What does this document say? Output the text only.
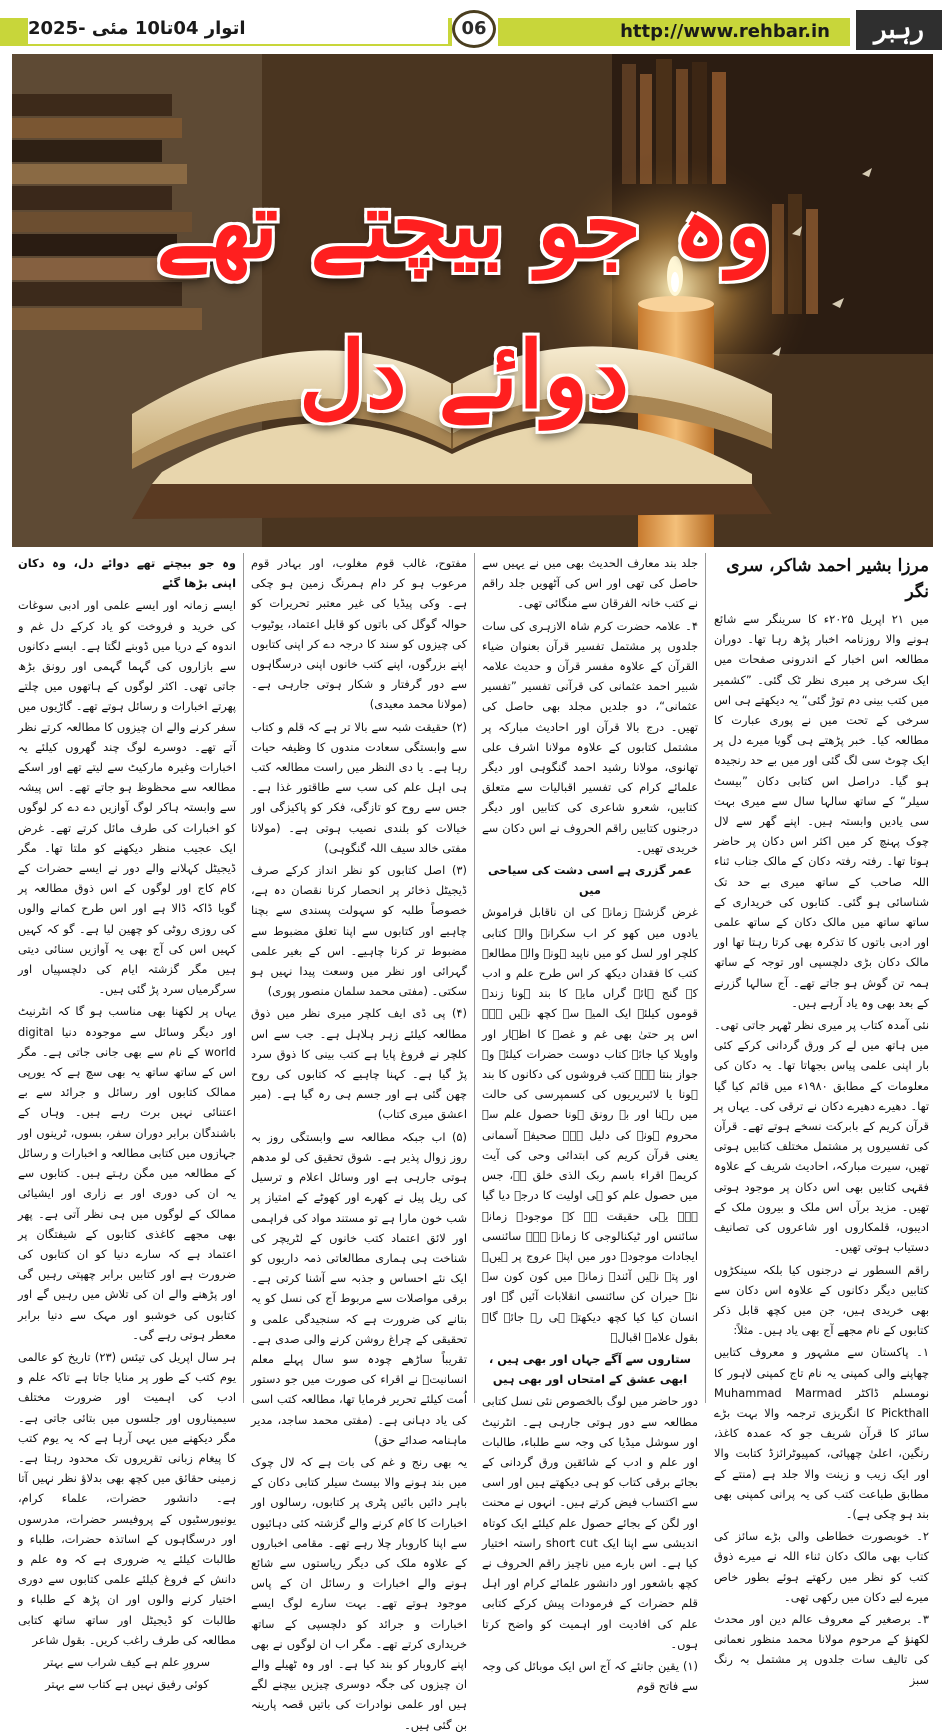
اتوار 04تا10 مئی -2025	06	http://www.rehbar.in	رہبر
وہ جو بیچتے تھے دوائے دل
مرزا بشیر احمد شاکر، سری نگر

میں ۲۱ اپریل ۲۰۲۵ء کا سرینگر سے شائع ہونے والا روزنامہ اخبار پڑھ رہا تھا۔ دوران مطالعہ اس اخبار کے اندرونی صفحات میں ایک سرخی پر میری نظر ٹک گئی۔ ”کشمیر میں کتب بینی دم توڑ گئی“ یہ دیکھتے ہی اس سرخی کے تحت میں نے پوری عبارت کا مطالعہ کیا۔ خبر پڑھتے ہی گویا میرے دل پر ایک چوٹ سی لگ گئی اور میں بے حد رنجیدہ ہو گیا۔ دراصل اس کتابی دکان ”بیسٹ سیلر“ کے ساتھ سالہا سال سے میری بہت سی یادیں وابستہ ہیں۔ اپنے گھر سے لال چوک پہنچ کر میں اکثر اس دکان پر حاضر ہوتا تھا۔ رفتہ رفتہ دکان کے مالک جناب ثناء اللہ صاحب کے ساتھ میری بے حد تک شناسائی ہو گئی۔ کتابوں کی خریداری کے ساتھ ساتھ میں مالک دکان کے ساتھ علمی اور ادبی باتوں کا تذکرہ بھی کرتا رہتا تھا اور مالک دکان بڑی دلچسپی اور توجہ کے ساتھ ہمہ تن گوش ہو جاتے تھے۔ آج سالہا گزرنے کے بعد بھی وہ یاد آرہے ہیں۔

نئی آمدہ کتاب پر میری نظر ٹھہر جاتی تھی۔ میں ہاتھ میں لے کر ورق گردانی کرکے کئی بار اپنی علمی پیاس بجھاتا تھا۔ یہ دکان کی معلومات کے مطابق ۱۹۸۰ء میں قائم کیا گیا تھا۔ دھیرے دھیرے دکان نے ترقی کی۔ یہاں پر قرآن کریم کے بابرکت نسخے ہوتے تھے۔ قرآن کی تفسیروں پر مشتمل مختلف کتابیں ہوتی تھیں، سیرت مبارکہ، احادیث شریف کے علاوہ فقہی کتابیں بھی اس دکان پر موجود ہوتی تھیں۔ مزید برآں اس ملک و بیرون ملک کے ادیبوں، قلمکاروں اور شاعروں کی تصانیف دستیاب ہوتی تھیں۔

راقم السطور نے درجنوں کیا بلکہ سینکڑوں کتابیں دیگر دکانوں کے علاوہ اس دکان سے بھی خریدی ہیں، جن میں کچھ قابل ذکر کتابوں کے نام مجھے آج بھی یاد ہیں۔ مثلاً:

۱۔ پاکستان سے مشہور و معروف کتابیں چھاپنے والی کمپنی یہ نام تاج کمپنی لاہور کا نومسلم ڈاکٹر Muhammad Marmad Pickthall کا انگریزی ترجمہ والا بہت بڑے سائز کا قرآن شریف جو کہ عمدہ کاغذ، رنگین، اعلیٰ چھپائی، کمپیوٹرائزڈ کتابت والا اور ایک زیب و زینت والا جلد ہے (منتے کے مطابق طباعت کتب کی یہ پرانی کمپنی بھی بند ہو چکی ہے)۔

۲۔ خوبصورت خطاطی والی بڑے سائز کی کتاب بھی مالک دکان ثناء اللہ نے میرے ذوق کتب کو نظر میں رکھتے ہوئے بطور خاص میرے لیے دکان میں رکھی تھی۔

۳۔ برصغیر کے معروف عالم دین اور محدث لکھنؤ کے مرحوم مولانا محمد منظور نعمانی کی تالیف سات جلدوں پر مشتمل بہ رنگ سبز

جلد بند معارف الحدیث بھی میں نے یہیں سے حاصل کی تھی اور اس کی آٹھویں جلد راقم نے کتب خانہ الفرقان سے منگائی تھی۔

۴۔ علامہ حضرت کرم شاہ الازہری کی سات جلدوں پر مشتمل تفسیر قرآن بعنوان ضیاء القرآن کے علاوہ مفسر قرآن و حدیث علامہ شبیر احمد عثمانی کی قرآنی تفسیر ”تفسیر عثمانی“، دو جلدیں مجلد بھی حاصل کی تھیں۔ درج بالا قرآن اور احادیث مبارکہ پر مشتمل کتابوں کے علاوہ مولانا اشرف علی تھانوی، مولانا رشید احمد گنگوہی اور دیگر علمائے کرام کی تفسیر اقبالیات سے متعلق کتابیں، شعرو شاعری کی کتابیں اور دیگر درجنوں کتابیں راقم الحروف نے اس دکان سے خریدی تھیں۔

عمر گزری ہے اسی دشت کی سیاحی میں

غرض گزشتہ زمانے کی ان ناقابل فراموش یادوں میں کھو کر اب سکرانے والے کتابی کلچر اور لسل کو میں ناپید ہونے والے مطالعہ کتب کا فقدان دیکھ کر اس طرح علم و ادب کے گنج ہائے گراں مایہ کا بند ہونا زندہ قوموں کیلئے ایک المیہ سے کچھ نہیں ہے۔ اس پر حتیٰ بھی غم و غصہ کا اظہار اور واویلا کیا جائے کتاب دوست حضرات کیلئے وہ جواز بنتا ہے۔ کتب فروشوں کی دکانوں کا بند ہونا یا لائبریریوں کی کسمپرسی کی حالت میں رہنا اور بے رونق ہونا حصول علم سے محروم ہونے کی دلیل ہے۔ صحیفۂ آسمانی یعنی قرآن کریم کی ابتدائی وحی کی آیت کریمہ اقراء باسم ربک الذی خلق ہے، جس میں حصول علم کو ہی اولیت کا درجہ دیا گیا ہے۔ یہی حقیقت ہے کہ موجودہ زمانہ سائنس اور ٹیکنالوجی کا زمانہ ہے۔ سائنسی ایجادات موجودہ دور میں اپنے عروج پر ہیں۔ اور پتہ نہیں آئندہ زمانے میں کون کون سے نئے حیران کن سائنسی انقلابات آئیں گے اور انسان کیا کیا کچھ دیکھتے ہی رہ جائے گا۔ بقول علامہ اقبالؒ

ستاروں سے آگے جہاں اور بھی ہیں ، ابھی عشق کے امتحاں اور بھی ہیں

دور حاضر میں لوگ بالخصوص نئی نسل کتابی مطالعہ سے دور ہوتی جارہی ہے۔ انٹرنیٹ اور سوشل میڈیا کی وجہ سے طلباء، طالبات اور علم و ادب کے شائقین ورق گردانی کے بجائے برقی کتاب کو ہی دیکھتے ہیں اور اسی سے اکتساب فیض کرتے ہیں۔ انہوں نے محنت اور لگن کے بجائے حصول علم کیلئے ایک کوتاہ اندیشی سے اپنا ایک short cut راستہ اختیار کیا ہے۔ اس بارے میں ناچیز راقم الحروف نے کچھ باشعور اور دانشور علمائے کرام اور اہل قلم حضرات کے فرمودات پیش کرکے کتابی علم کی افادیت اور اہمیت کو واضح کرتا ہوں۔

(۱) یقین جانئے کہ آج اس ایک موبائل کی وجہ سے فاتح قوم

مفتوح، غالب قوم مغلوب، اور بہادر قوم مرعوب ہو کر دام ہمرنگ زمین ہو چکی ہے۔ وکی پیڈیا کی غیر معتبر تحریرات کو حوالہ گوگل کی باتوں کو قابل اعتماد، یوٹیوب کی چیزوں کو سند کا درجہ دے کر اپنی کتابوں اپنے بزرگوں، اپنے کتب خانوں اپنی درسگاہوں سے دور گرفتار و شکار ہوتی جارہی ہے۔ (مولانا محمد معیدی)

(۲) حقیقت شبہ سے بالا تر ہے کہ قلم و کتاب سے وابستگی سعادت مندوں کا وظیفہ حیات رہا ہے۔ یا دی النظر میں راست مطالعہ کتب ہی اہل علم کی سب سے طاقتور غذا ہے۔ جس سے روح کو تازگی، فکر کو پاکیزگی اور خیالات کو بلندی نصیب ہوتی ہے۔ (مولانا مفتی خالد سیف اللہ گنگوہی)

(۳) اصل کتابوں کو نظر انداز کرکے صرف ڈیجیٹل ذخائر پر انحصار کرنا نقصان دہ ہے، خصوصاً طلبہ کو سہولت پسندی سے بچنا چاہیے اور کتابوں سے اپنا تعلق مضبوط سے مضبوط تر کرنا چاہیے۔ اس کے بغیر علمی گہرائی اور نظر میں وسعت پیدا نہیں ہو سکتی۔ (مفتی محمد سلمان منصور پوری)

(۴) پی ڈی ایف کلچر میری نظر میں ذوق مطالعہ کیلئے زہر ہلاہل ہے۔ جب سے اس کلچر نے فروغ پایا ہے کتب بینی کا ذوق سرد پڑ گیا ہے۔ کہنا چاہیے کہ کتابوں کی روح چھن گئی ہے اور جسم ہی رہ گیا ہے۔ (میر اعشق میری کتاب)

(۵) اب جبکہ مطالعہ سے وابستگی روز بہ روز زوال پذیر ہے۔ شوق تحقیق کی لو مدھم ہوتی جارہی ہے اور وسائل اعلام و ترسیل کی ریل پیل نے کھرے اور کھوٹے کے امتیاز پر شب خون مارا ہے تو مستند مواد کی فراہمی اور لائق اعتماد کتب خانوں کے لٹریچر کی شناخت ہی ہماری مطالعاتی ذمہ داریوں کو ایک نئے احساس و جذبہ سے آشنا کرتی ہے۔ برقی مواصلات سے مربوط آج کی نسل کو یہ بتانے کی ضرورت ہے کہ سنجیدگی علمی و تحقیقی کے چراغ روشن کرنے والی صدی ہے۔ تقریباً ساڑھے چودہ سو سال پہلے معلم انسانیتؐ نے اقراء کی صورت میں جو دستور اُمت کیلئے تحریر فرمایا تھا، مطالعہ کتب اسی کی یاد دہانی ہے۔ (مفتی محمد ساجد، مدیر ماہنامہ صدائے حق)

یہ بھی رنج و غم کی بات ہے کہ لال چوک میں بند ہونے والا بیسٹ سیلر کتابی دکان کے باہر دائیں بائیں پٹری پر کتابوں، رسالوں اور اخبارات کا کام کرنے والے گزشتہ کئی دہائیوں سے اپنا کاروبار چلا رہے تھے۔ مقامی اخباروں کے علاوہ ملک کی دیگر ریاستوں سے شائع ہونے والے اخبارات و رسائل ان کے پاس موجود ہوتے تھے۔ بہت سارے لوگ ایسے اخبارات و جرائد کو دلچسپی کے ساتھ خریداری کرتے تھے۔ مگر اب ان لوگوں نے بھی اپنے کاروبار کو بند کیا ہے۔ اور وہ ٹھیلے والے ان چیزوں کی جگہ دوسری چیزیں بیچنے لگے ہیں اور علمی نوادرات کی باتیں قصہ پارینہ بن گئی ہیں۔

وہ جو بیچتے تھے دوائے دل، وہ دکان اپنی بڑھا گئے

ایسے زمانہ اور ایسے علمی اور ادبی سوغات کی خرید و فروخت کو یاد کرکے دل غم و اندوہ کے دریا میں ڈوبنے لگتا ہے۔ ایسے دکانوں سے بازاروں کی گہما گہمی اور رونق بڑھ جاتی تھی۔ اکثر لوگوں کے ہاتھوں میں چلتے پھرتے اخبارات و رسائل ہوتے تھے۔ گاڑیوں میں سفر کرنے والے ان چیزوں کا مطالعہ کرتے نظر آتے تھے۔ دوسرے لوگ چند گھروں کیلئے یہ اخبارات وغیرہ مارکیٹ سے لیتے تھے اور اسکے مطالعہ سے محظوظ ہو جاتے تھے۔ اس پیشہ سے وابستہ ہاکر لوگ آوازیں دے دے کر لوگوں کو اخبارات کی طرف مائل کرتے تھے۔ غرض ایک عجیب منظر دیکھنے کو ملتا تھا۔ مگر ڈیجیٹل کہلانے والے دور نے ایسے حضرات کے کام کاج اور لوگوں کے اس ذوق مطالعہ پر گویا ڈاکہ ڈالا ہے اور اس طرح کمانے والوں کی روزی روٹی کو چھین لیا ہے۔ گو کہ کہیں کہیں اس کی آج بھی یہ آوازیں سنائی دیتی ہیں مگر گزشتہ ایام کی دلچسپیاں اور سرگرمیاں سرد پڑ گئی ہیں۔

یہاں پر لکھنا بھی مناسب ہو گا کہ انٹرنیٹ اور دیگر وسائل سے موجودہ دنیا digital world کے نام سے بھی جانی جاتی ہے۔ مگر اس کے ساتھ ساتھ یہ بھی سچ ہے کہ یورپی ممالک کتابوں اور رسائل و جرائد سے بے اعتنائی نہیں برت رہے ہیں۔ وہاں کے باشندگان برابر دوران سفر، بسوں، ٹرینوں اور جہازوں میں کتابی مطالعہ و اخبارات و رسائل کے مطالعہ میں مگن رہتے ہیں۔ کتابوں سے یہ ان کی دوری اور بے زاری اور ایشیائی ممالک کے لوگوں میں ہی نظر آتی ہے۔ پھر بھی مجھے کاغذی کتابوں کے شیفتگان پر اعتماد ہے کہ سارے دنیا کو ان کتابوں کی ضرورت ہے اور کتابیں برابر چھپتی رہیں گی اور پڑھنے والے ان کی تلاش میں رہیں گے اور کتابوں کی خوشبو اور مہک سے دنیا برابر معطر ہوتی رہے گی۔

ہر سال اپریل کی تیئس (۲۳) تاریخ کو عالمی یوم کتب کے طور پر منایا جاتا ہے تاکہ علم و ادب کی اہمیت اور ضرورت مختلف سیمیناروں اور جلسوں میں بتائی جاتی ہے۔ مگر دیکھنے میں یہی آرہا ہے کہ یہ یوم کتب کا پیغام زبانی تقریروں تک محدود رہتا ہے۔ زمینی حقائق میں کچھ بھی بدلاؤ نظر نہیں آتا ہے۔ دانشور حضرات، علماء کرام، یونیورسٹیوں کے پروفیسر حضرات، مدرسوں اور درسگاہوں کے اساتذہ حضرات، طلباء و طالبات کیلئے یہ ضروری ہے کہ وہ علم و دانش کے فروغ کیلئے علمی کتابوں سے دوری اختیار کرنے والوں اور ان پڑھ کے طلباء و طالبات کو ڈیجیٹل اور ساتھ ساتھ کتابی مطالعہ کی طرف راغب کریں۔ بقول شاعر

سرورِ علم ہے کیف شراب سے بہتر

کوئی رفیق نہیں ہے کتاب سے بہتر
